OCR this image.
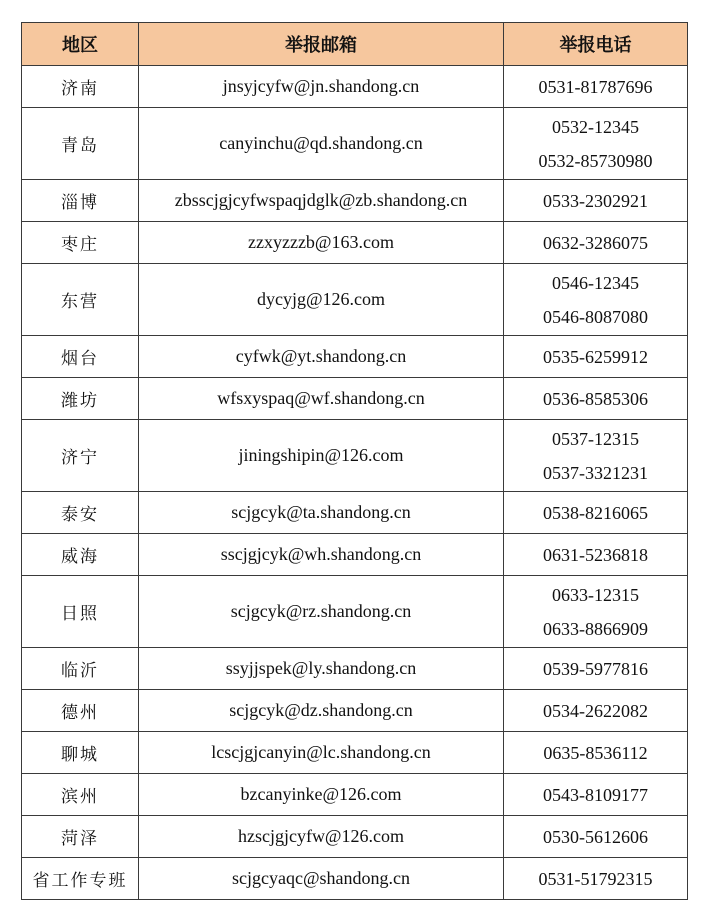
地区	举报邮箱	举报电话
济南	jnsyjcyfw@jn.shandong.cn	0531-81787696

青岛	canyinchu@qd.shandong.cn	0532-12345
0532-85730980

淄博	zbsscjgjcyfwspaqjdglk@zb.shandong.cn	0533-2302921

枣庄	zzxyzzzb@163.com	0632-3286075

东营	dycyjg@126.com	0546-12345
0546-8087080

烟台	cyfwk@yt.shandong.cn	0535-6259912

潍坊	wfsxyspaq@wf.shandong.cn	0536-8585306

济宁	jiningshipin@126.com	0537-12315
0537-3321231

泰安	scjgcyk@ta.shandong.cn	0538-8216065

威海	sscjgjcyk@wh.shandong.cn	0631-5236818

日照	scjgcyk@rz.shandong.cn	0633-12315
0633-8866909

临沂	ssyjjspek@ly.shandong.cn	0539-5977816

德州	scjgcyk@dz.shandong.cn	0534-2622082

聊城	lcscjgjcanyin@lc.shandong.cn	0635-8536112

滨州	bzcanyinke@126.com	0543-8109177

菏泽	hzscjgjcyfw@126.com	0530-5612606

省工作专班	scjgcyaqc@shandong.cn	0531-51792315
